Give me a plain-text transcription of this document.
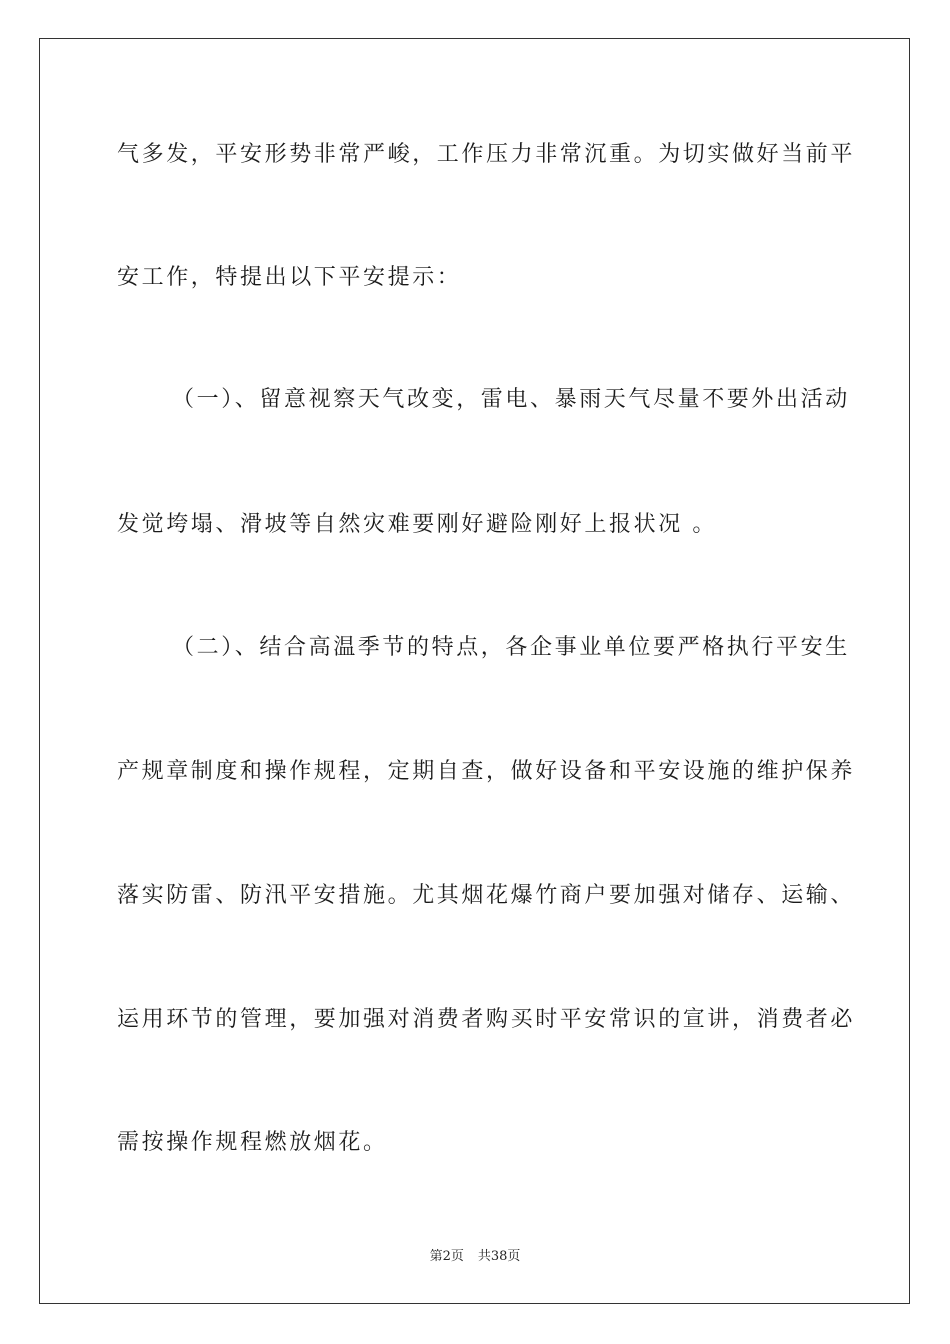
气多发，平安形势非常严峻，工作压力非常沉重。为切实做好当前平
安工作，特提出以下平安提示：
（一）、留意视察天气改变，雷电、暴雨天气尽量不要外出活动
发觉垮塌、滑坡等自然灾难要刚好避险刚好上报状况 。
（二）、结合高温季节的特点，各企事业单位要严格执行平安生
产规章制度和操作规程，定期自查，做好设备和平安设施的维护保养
落实防雷、防汛平安措施。尤其烟花爆竹商户要加强对储存、运输、
运用环节的管理，要加强对消费者购买时平安常识的宣讲，消费者必
需按操作规程燃放烟花。
第2页 共38页
